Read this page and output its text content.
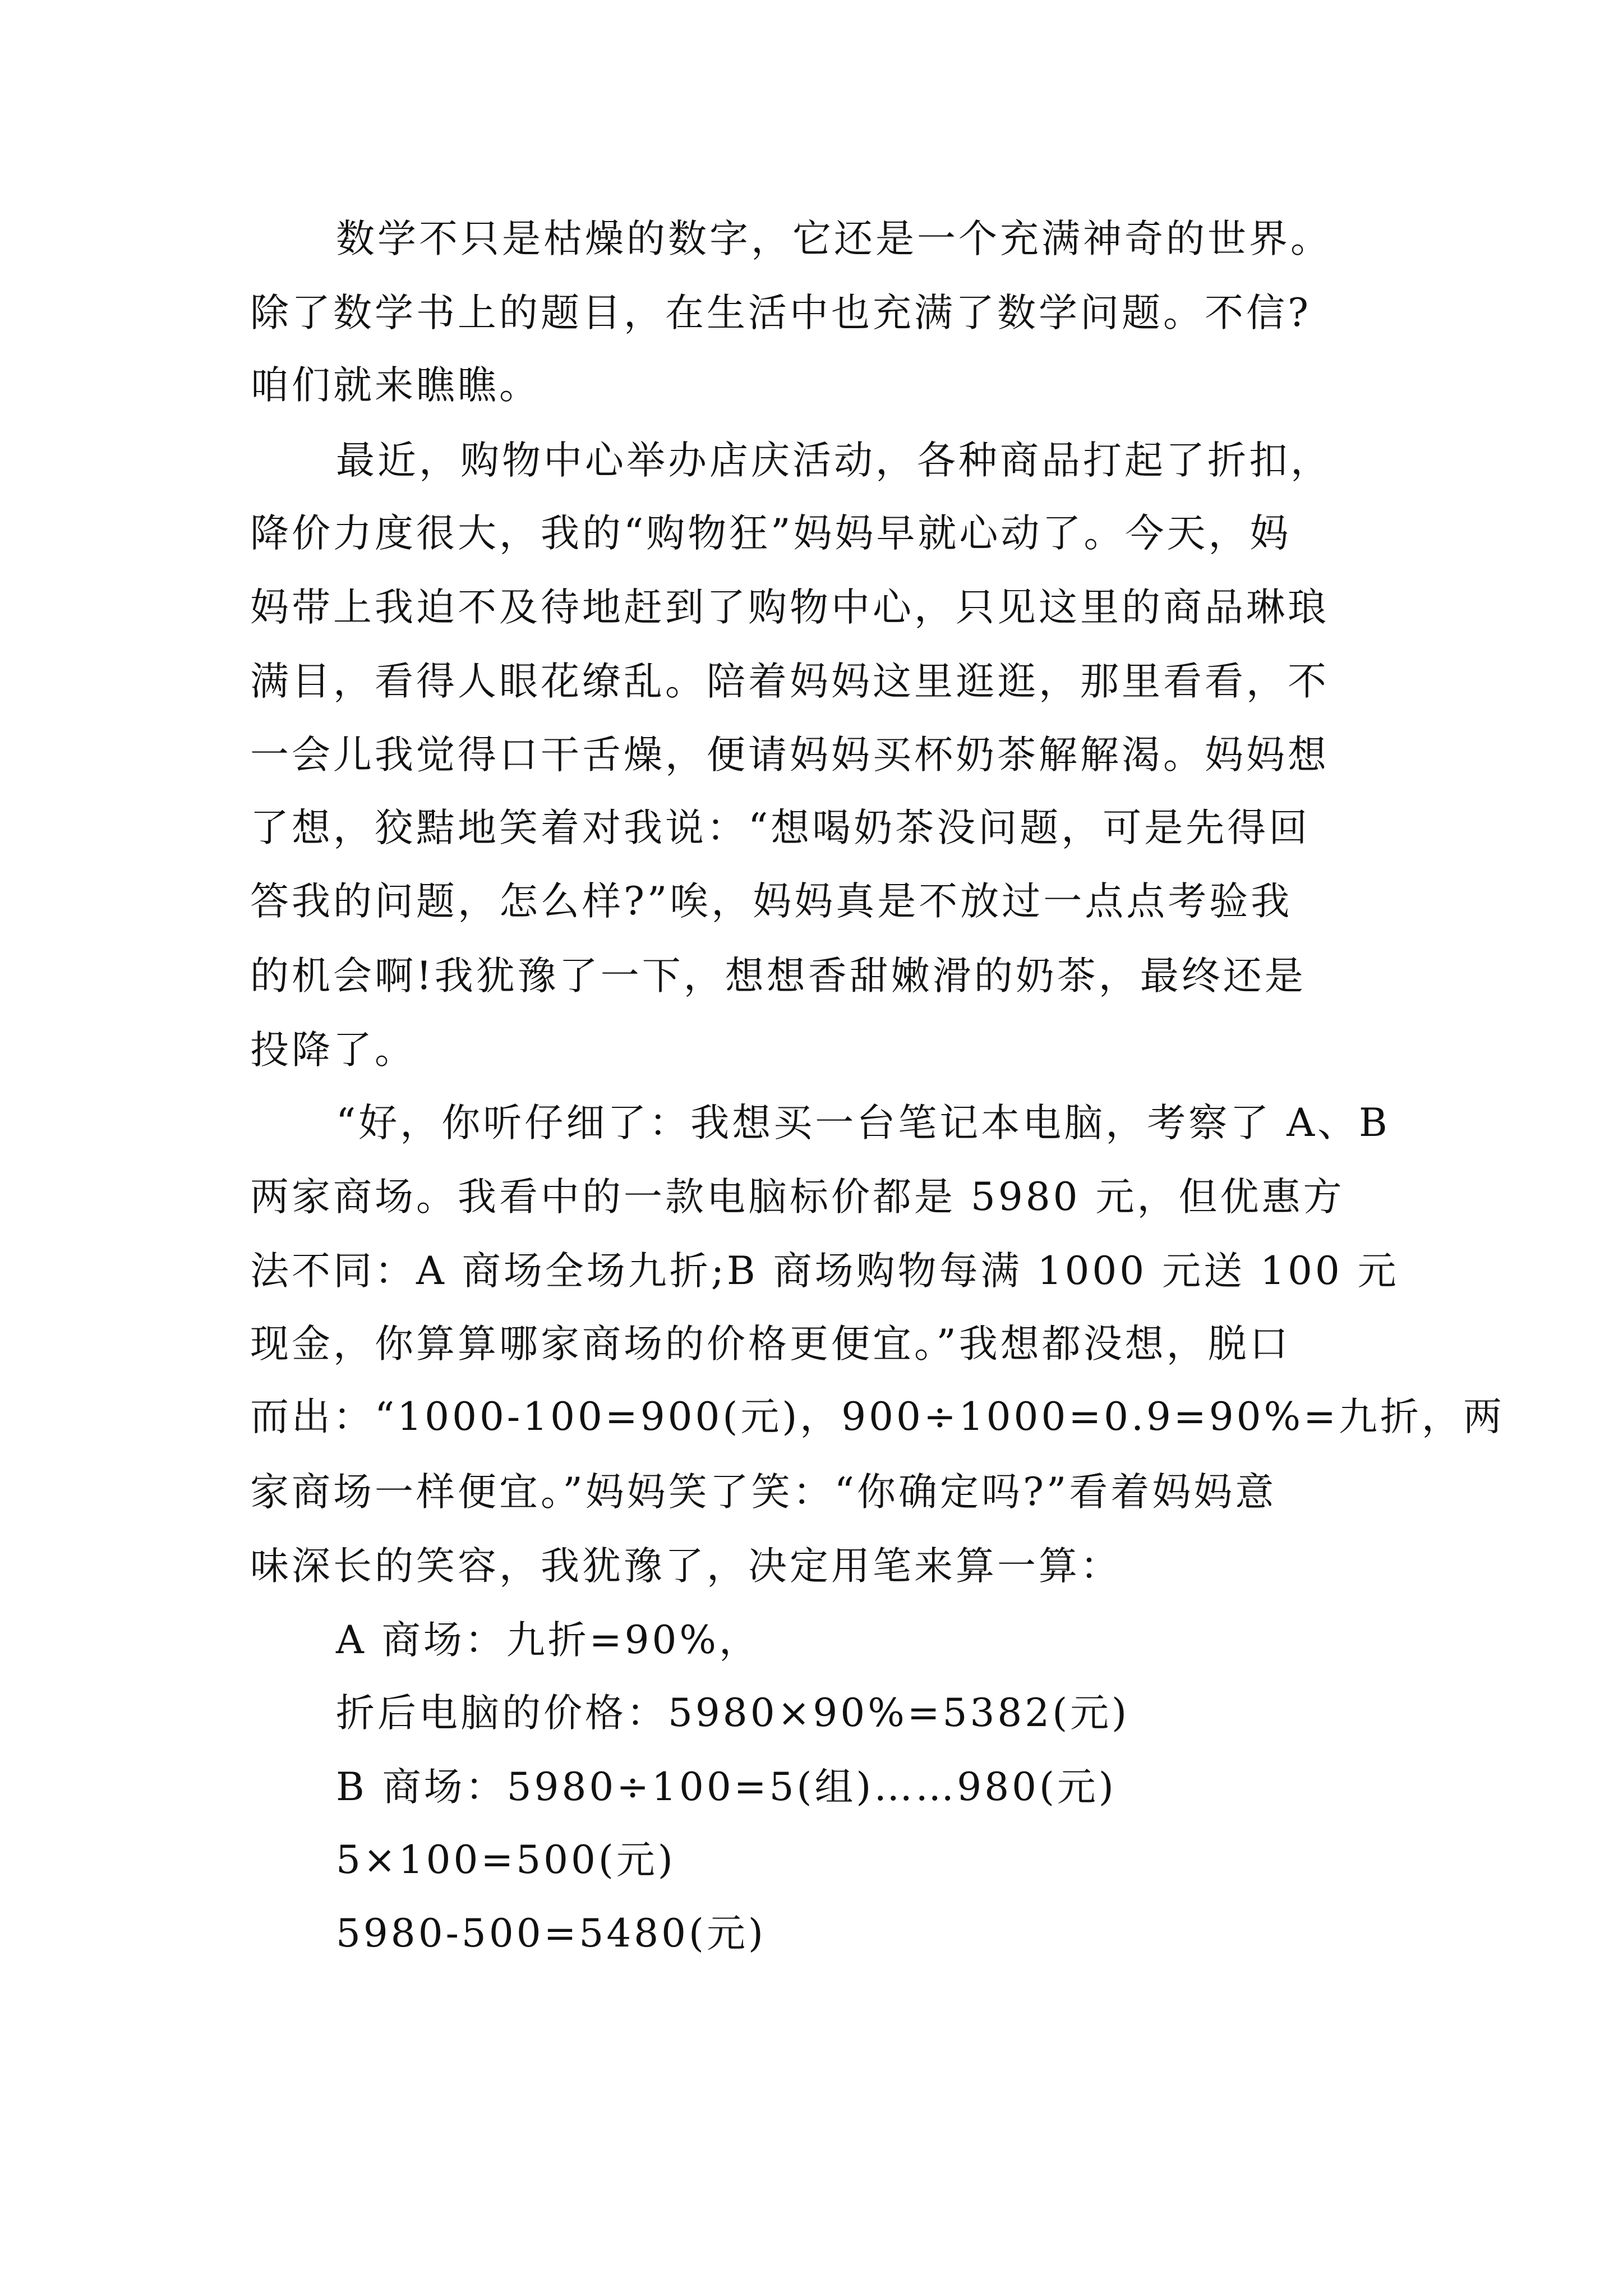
数学不只是枯燥的数字，它还是一个充满神奇的世界。
除了数学书上的题目，在生活中也充满了数学问题。不信?
咱们就来瞧瞧。
最近，购物中心举办店庆活动，各种商品打起了折扣，
降价力度很大，我的“购物狂”妈妈早就心动了。今天，妈
妈带上我迫不及待地赶到了购物中心，只见这里的商品琳琅
满目，看得人眼花缭乱。陪着妈妈这里逛逛，那里看看，不
一会儿我觉得口干舌燥，便请妈妈买杯奶茶解解渴。妈妈想
了想，狡黠地笑着对我说：“想喝奶茶没问题，可是先得回
答我的问题，怎么样?”唉，妈妈真是不放过一点点考验我
的机会啊!我犹豫了一下，想想香甜嫩滑的奶茶，最终还是
投降了。
“好，你听仔细了：我想买一台笔记本电脑，考察了 A、B
两家商场。我看中的一款电脑标价都是 5980 元，但优惠方
法不同：A 商场全场九折;B 商场购物每满 1000 元送 100 元
现金，你算算哪家商场的价格更便宜。”我想都没想，脱口
而出：“1000-100=900(元)，900÷1000=0.9=90%=九折，两
家商场一样便宜。”妈妈笑了笑：“你确定吗?”看着妈妈意
味深长的笑容，我犹豫了，决定用笔来算一算：
A 商场：九折=90%，
折后电脑的价格：5980×90%=5382(元)
B 商场：5980÷100=5(组)……980(元)
5×100=500(元)
5980-500=5480(元)
